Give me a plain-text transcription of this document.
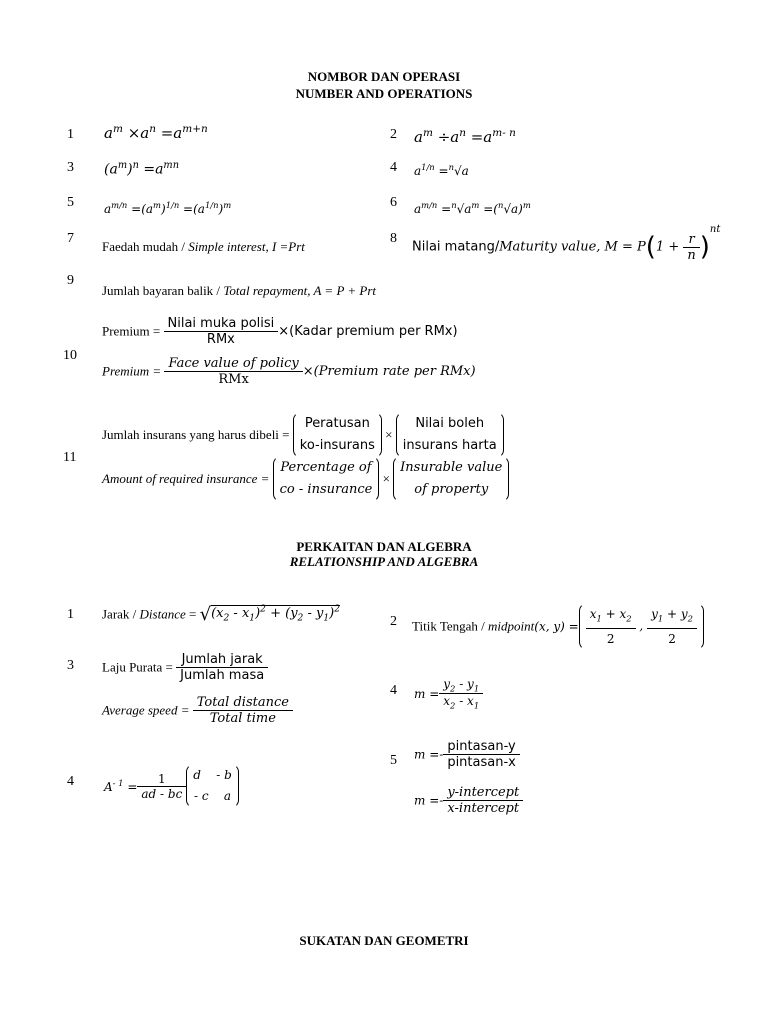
NOMBOR DAN OPERASI
NUMBER AND OPERATIONS
1	2
3	4
5	6
7	8
9
10
11
$a^m \times a^n =a^{m+n}$	$a^m \div a^n =a^{m- n}$
$(a^m)^n =a^{mn}$	$a^{1/n} =^n√a$
$a^{m/n} =(a^m)^{1/n} =(a^{1/n})^m$	$a^{m/n} =^n√a^m =(^n√a)^m$
Faedah mudah / Simple interest, I =Prt	Nilai matang/Maturity value, $M = P(1 + \frac{r}{n} )^{nt}$
Jumlah bayaran balik / Total repayment, A = P + Prt
Premium = $\frac{\text{Nilai muka polisi}}{\text{RMx}}$ ×(Kadar premium per RMx)
Premium = $\frac{\text{Face value of policy}}{\text{RMx}}$ ×(Premium rate per RMx)
Jumlah insurans yang harus dibeli =
Peratusan
ko-insurans
×
Nilai boleh
insurans harta
Amount of required insurance =
Percentage of
co - insurance
×
Insurable value
of property
PERKAITAN DAN ALGEBRA
RELATIONSHIP AND ALGEBRA
1	2
3
4
5
4
Jarak / Distance = $√(x_2 - x_1)^2 + (y_2 - y_1)^2$
Titik Tengah / midpoint(x, $y) = \frac{x_1 + x_2}{2}$ , $\frac{y_1 + y_2}{2}$
Laju Purata = $\frac{\text{Jumlah jarak}}{\text{Jumlah masa}}$
Average speed = $\frac{\text{Total distance}}{\text{Total time}}$
$m = \frac{y_2 - y_1}{x_2 - x_1}$
$m =- \frac{\text{pintasan-y}}{\text{pintasan-x}}$
$m =- \frac{\text{y-intercept}}{\text{x-intercept}}$
$A^{- 1} = \frac{1}{ad - bc}$ d    - b
- c    a
SUKATAN DAN GEOMETRI
